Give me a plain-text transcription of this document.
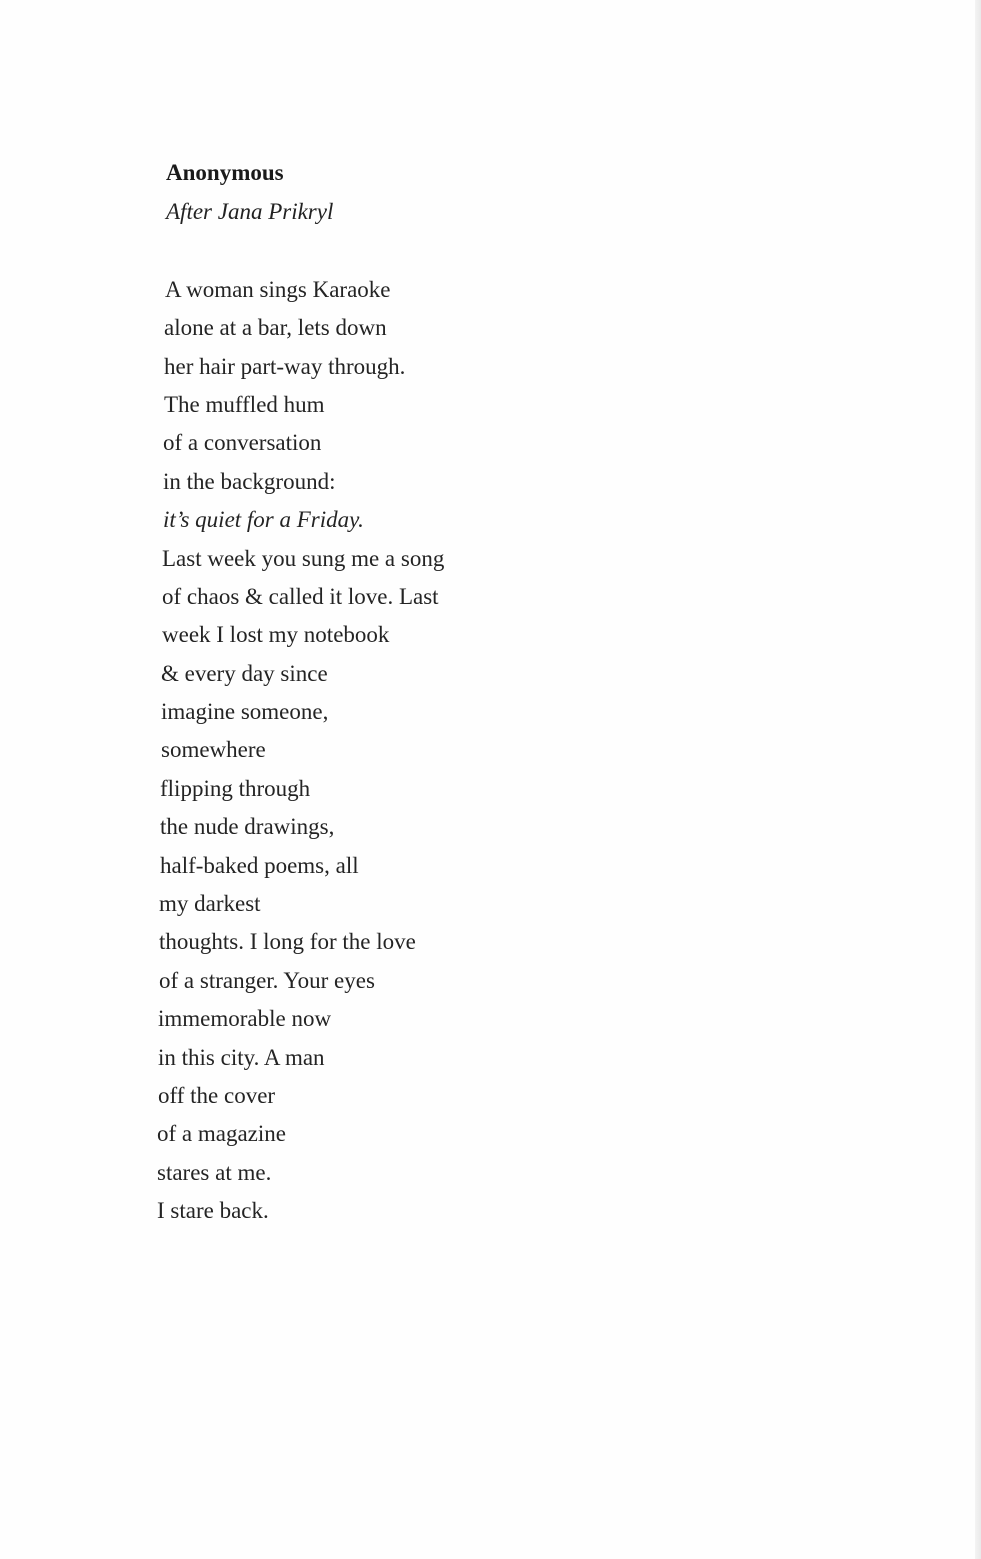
Anonymous

After Jana Prikryl

A woman sings Karaoke

alone at a bar, lets down

her hair part-way through.

The muffled hum

of a conversation

in the background:

it’s quiet for a Friday.

Last week you sung me a song

of chaos & called it love. Last

week I lost my notebook

& every day since

imagine someone,

somewhere

flipping through

the nude drawings,

half-baked poems, all

my darkest

thoughts. I long for the love

of a stranger. Your eyes

immemorable now

in this city. A man

off the cover

of a magazine

stares at me.

I stare back.
